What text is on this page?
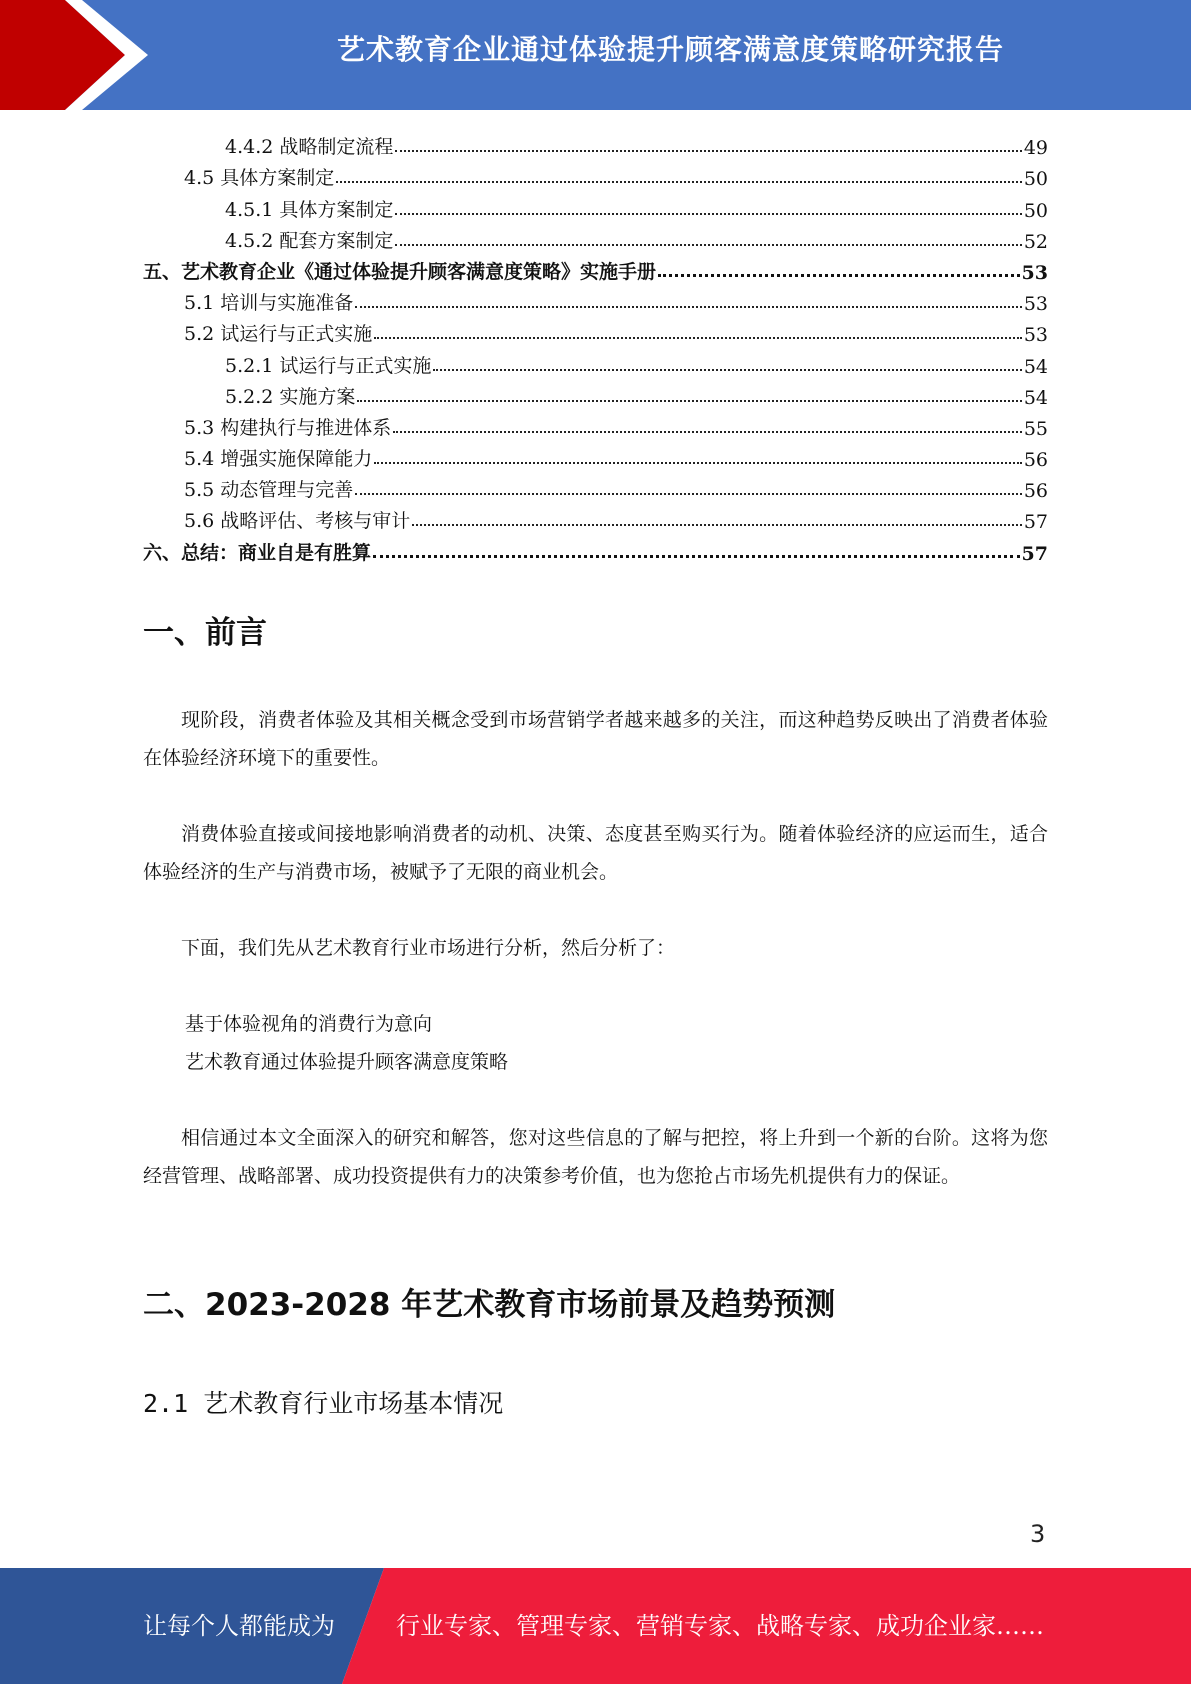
艺术教育企业通过体验提升顾客满意度策略研究报告
4.4.2 战略制定流程	49
4.5 具体方案制定	50
4.5.1 具体方案制定	50
4.5.2 配套方案制定	52
五、艺术教育企业《通过体验提升顾客满意度策略》实施手册	53
5.1 培训与实施准备	53
5.2 试运行与正式实施	53
5.2.1 试运行与正式实施	54
5.2.2 实施方案	54
5.3 构建执行与推进体系	55
5.4 增强实施保障能力	56
5.5 动态管理与完善	56
5.6 战略评估、考核与审计	57
六、总结：商业自是有胜算	57
一、前言

现阶段，消费者体验及其相关概念受到市场营销学者越来越多的关注，而这种趋势反映出了消费者体验在体验经济环境下的重要性。

消费体验直接或间接地影响消费者的动机、决策、态度甚至购买行为。随着体验经济的应运而生，适合体验经济的生产与消费市场，被赋予了无限的商业机会。

下面，我们先从艺术教育行业市场进行分析，然后分析了：

基于体验视角的消费行为意向

艺术教育通过体验提升顾客满意度策略

相信通过本文全面深入的研究和解答，您对这些信息的了解与把控，将上升到一个新的台阶。这将为您经营管理、战略部署、成功投资提供有力的决策参考价值，也为您抢占市场先机提供有力的保证。

二、2023-2028 年艺术教育市场前景及趋势预测
2.1 艺术教育行业市场基本情况
3
让每个人都能成为	行业专家、管理专家、营销专家、战略专家、成功企业家……
